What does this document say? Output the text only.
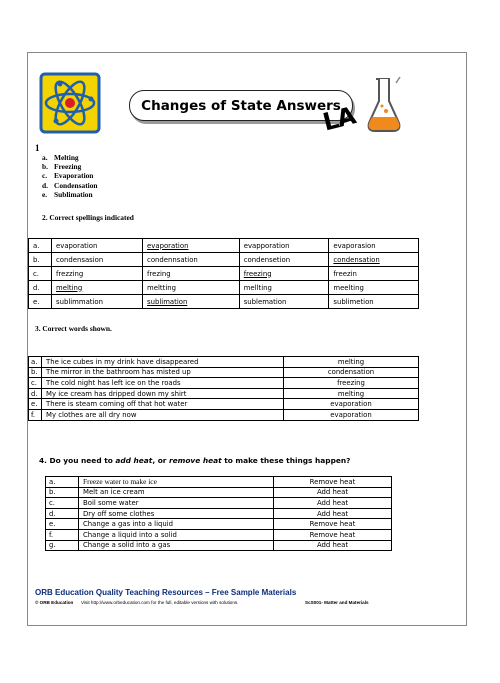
Changes of State Answers
LA
1
a. Melting
b. Freezing
c. Evaporation
d. Condensation
e. Sublimation
2. Correct spellings indicated
a.	evaporation	evaporation	evapporation	evaporasion
b.	condensasion	condennsation	condensetion	condensation
c.	frezzing	frezing	freezing	freezin
d.	melting	meltting	mellting	meelting
e.	sublimmation	sublimation	sublemation	sublimetion
3. Correct words shown.
a.	The ice cubes in my drink have disappeared	melting
b.	The mirror in the bathroom has misted up	condensation
c.	The cold night has left ice on the roads	freezing
d.	My ice cream has dripped down my shirt	melting
e.	There is steam coming off that hot water	evaporation
f.	My clothes are all dry now	evaporation
4. Do you need to add heat, or remove heat to make these things happen?
a.	Freeze water to make ice	Remove heat
b.	Melt an ice cream	Add heat
c.	Boil some water	Add heat
d.	Dry off some clothes	Add heat
e.	Change a gas into a liquid	Remove heat
f.	Change a liquid into a solid	Remove heat
g.	Change a solid into a gas	Add heat
ORB Education Quality Teaching Resources – Free Sample Materials
© ORB Education Visit http://www.orbeducation.com for the full, editable versions with solutions.	ScS001- Matter and Materials
